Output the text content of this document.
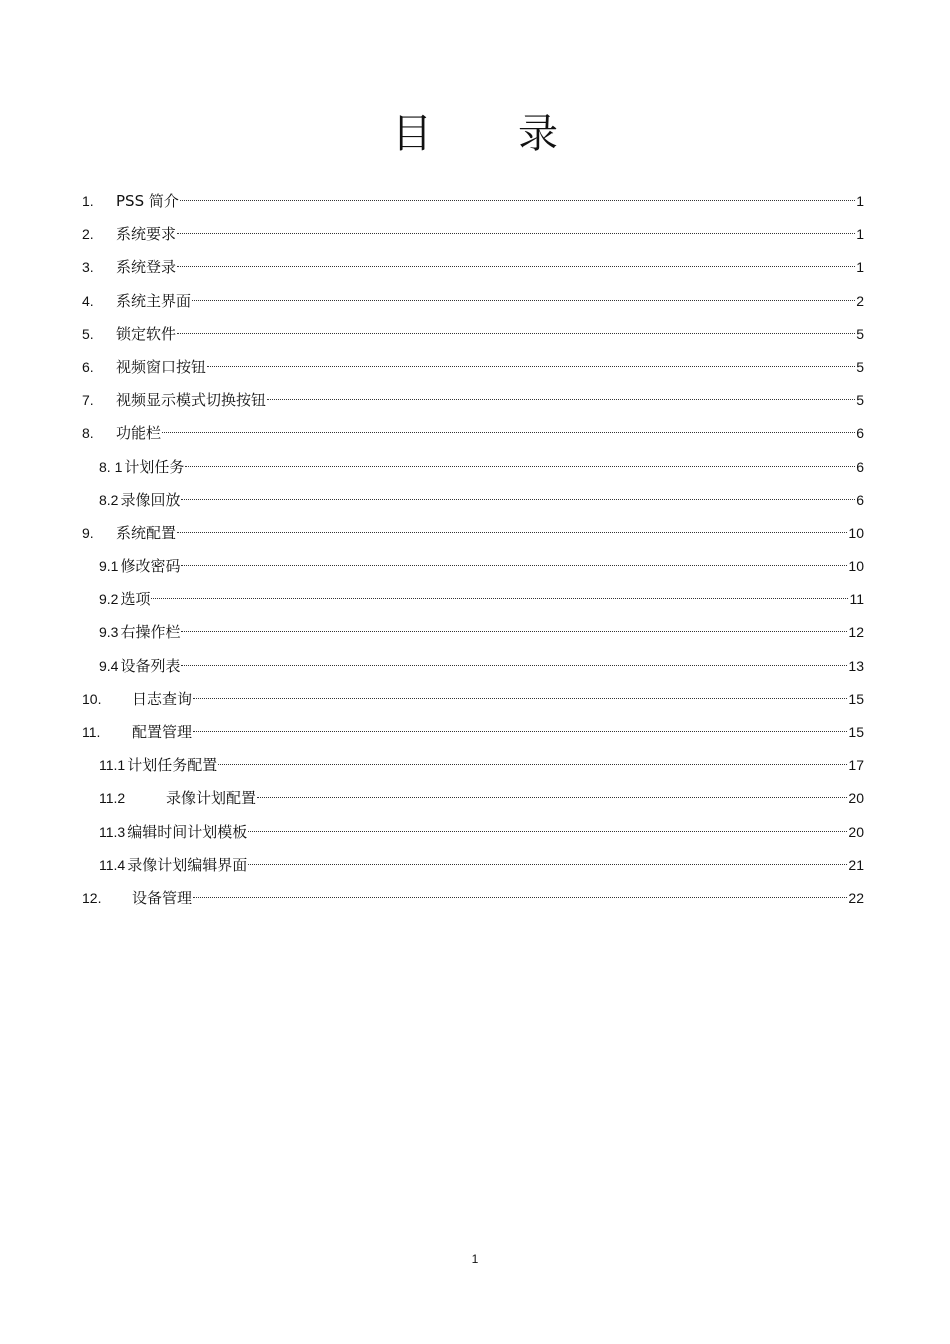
目 录
1.	PSS 简介	1
2.	系统要求	1
3.	系统登录	1
4.	系统主界面	2
5.	锁定软件	5
6.	视频窗口按钮	5
7.	视频显示模式切换按钮	5
8.	功能栏	6
8. 1 计划任务	6
8.2 录像回放	6
9.	系统配置	10
9.1 修改密码	10
9.2 选项	11
9.3 右操作栏	12
9.4 设备列表	13
10.	日志查询	15
11.	配置管理	15
11.1 计划任务配置	17
11.2	录像计划配置	20
11.3 编辑时间计划模板	20
11.4 录像计划编辑界面	21
12.	设备管理	22
1
